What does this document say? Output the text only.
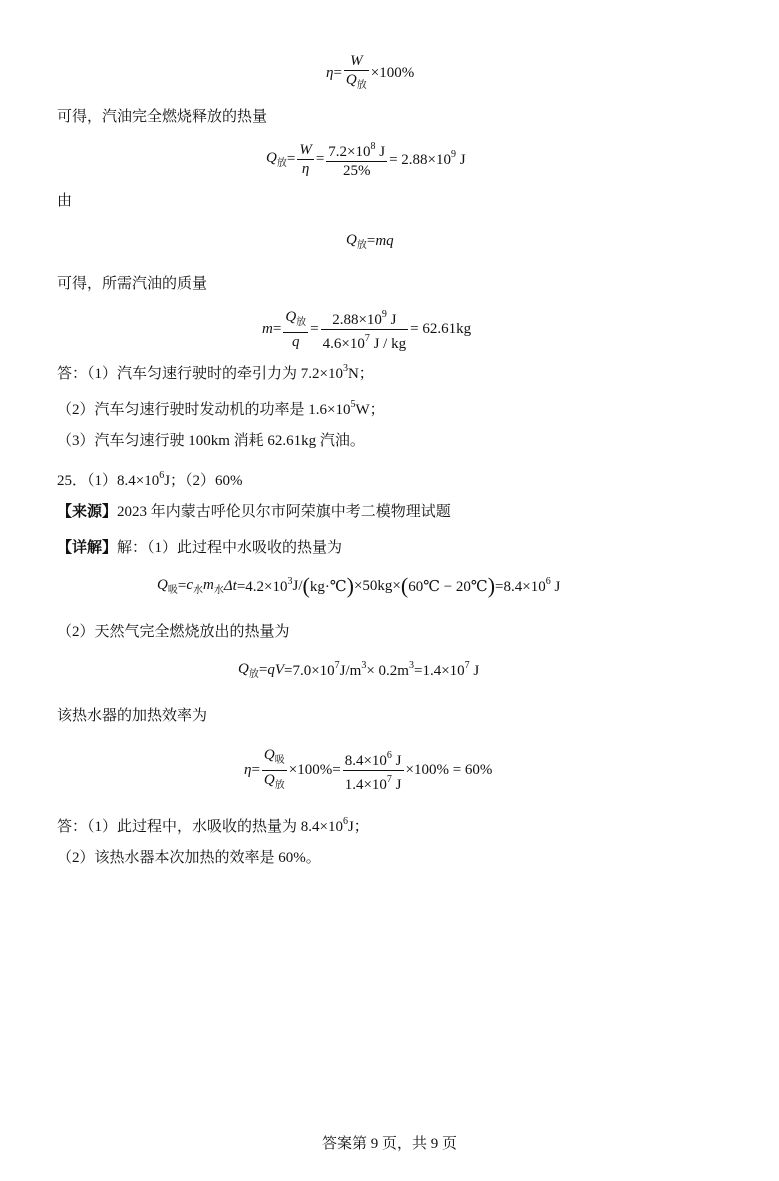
$\eta = \frac{W}{Q_放} \times 100\%$
可得，汽油完全燃烧释放的热量
$Q_放 = \frac{W}{\eta} = \frac{7.2\times 10^8 J}{25\%} = 2.88\times 10^9$ J
由
$Q_放$ = mq
可得，所需汽油的质量
$m = \frac{Q_放}{q} = \frac{2.88\times 10^9 J}{4.6\times 10^7 J / kg} = 62.61kg$
答：（1）汽车匀速行驶时的牵引力为 $7.2\times 10^3N$；
（2）汽车匀速行驶时发动机的功率是 $1.6\times 10^5W$；
（3）汽车匀速行驶 100km 消耗 62.61kg 汽油。
25．$(1)8.4\times 10^6J$；（2）60%
【来源】2023 年内蒙古呼伦贝尔市阿荣旗中考二模物理试题
【详解】解：（1）此过程中水吸收的热量为
$Q_吸 = c_水$ $m_水$ $\Delta t =4.2\times 10^3$ J/ ( kg·℃ ) ×50kg× ( 60℃ − 20℃ ) $=8.4\times 10^6$ J
（2）天然气完全燃烧放出的热量为
$Q_放 = q$ $V =7.0\times 10^7$ $J/m^3 \times 0.2m^3 =1.4\times 10^7$ J
该热水器的加热效率为
$\eta = \frac{Q_吸}{Q_放} \times 100\%= \frac{8.4\times 10^6 J}{1.4\times 10^7 J} \times 100\% = 60\%$
答：（1）此过程中，水吸收的热量为 $8.4\times 10^6J$；
（2）该热水器本次加热的效率是 60%。
答案第 9 页，共 9 页
